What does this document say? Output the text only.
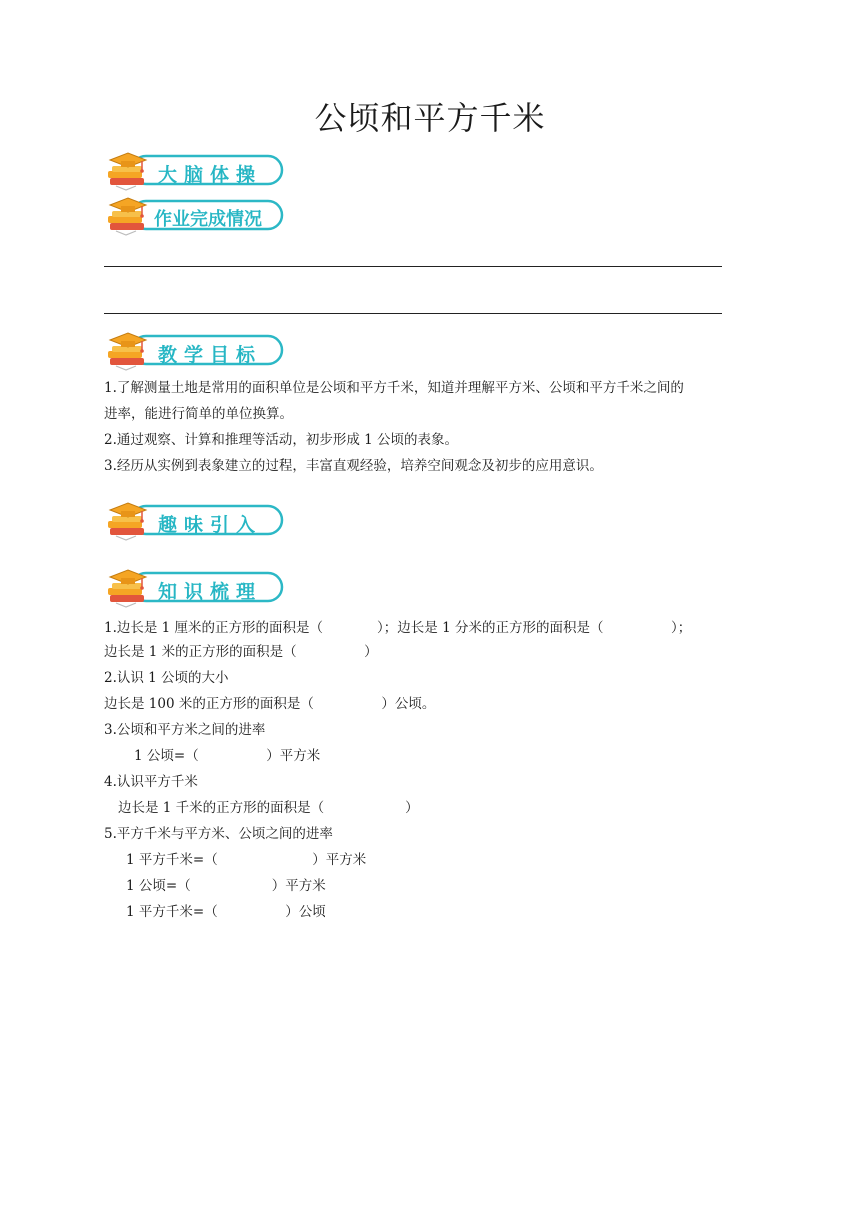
公顷和平方千米
大脑体操
作业完成情况
教学目标
1.了解测量土地是常用的面积单位是公顷和平方千米，知道并理解平方米、公顷和平方千米之间的
进率，能进行简单的单位换算。
2.通过观察、计算和推理等活动，初步形成 1 公顷的表象。
3.经历从实例到表象建立的过程，丰富直观经验，培养空间观念及初步的应用意识。
趣味引入
知识梳理
1.边长是 1 厘米的正方形的面积是（　　　　）；边长是 1 分米的正方形的面积是（　　　　　）；
边长是 1 米的正方形的面积是（　　　　　）
2.认识 1 公顷的大小
边长是 100 米的正方形的面积是（　　　　　）公顷。
3.公顷和平方米之间的进率
1 公顷=（　　　　　）平方米
4.认识平方千米
边长是 1 千米的正方形的面积是（　　　　　　）
5.平方千米与平方米、公顷之间的进率
1 平方千米=（　　　　　　　）平方米
1 公顷=（　　　　　　）平方米
1 平方千米=（　　　　　）公顷
